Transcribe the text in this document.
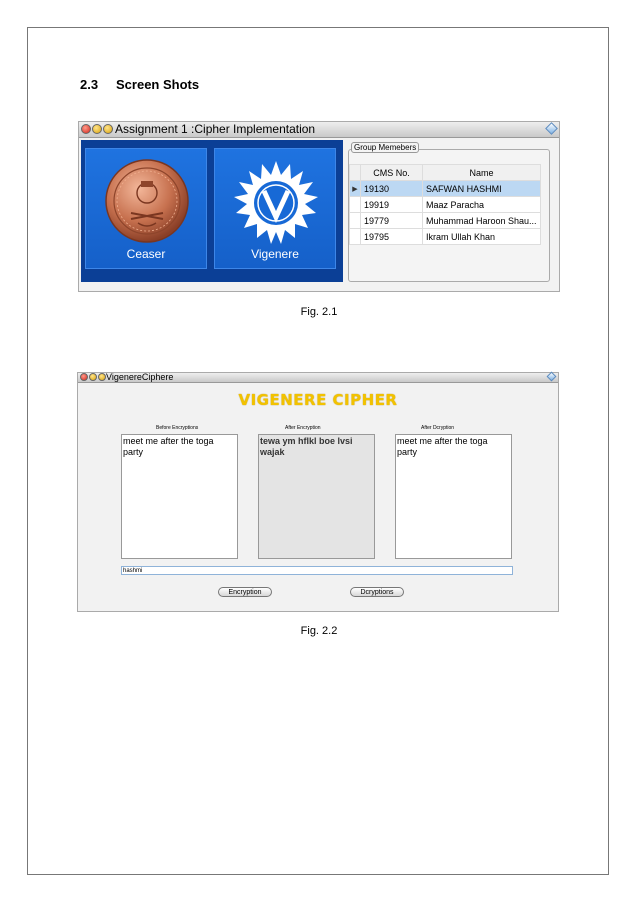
2.3 Screen Shots
Assignment 1 :Cipher Implementation
Ceaser	Vigenere
Group Memebers
	CMS No.	Name
▶	19130	SAFWAN HASHMI
	19919	Maaz Paracha
	19779	Muhammad Haroon Shau...
	19795	Ikram Ullah Khan
Fig. 2.1
VigenereCiphere
VIGENERE CIPHER
Before Encryptions	After Encryption	After Dcryption
meet me after the toga party
tewa ym hflkl boe lvsi wajak
meet me after the toga party
hashmi
Encryption	Dcryptions
Fig. 2.2
